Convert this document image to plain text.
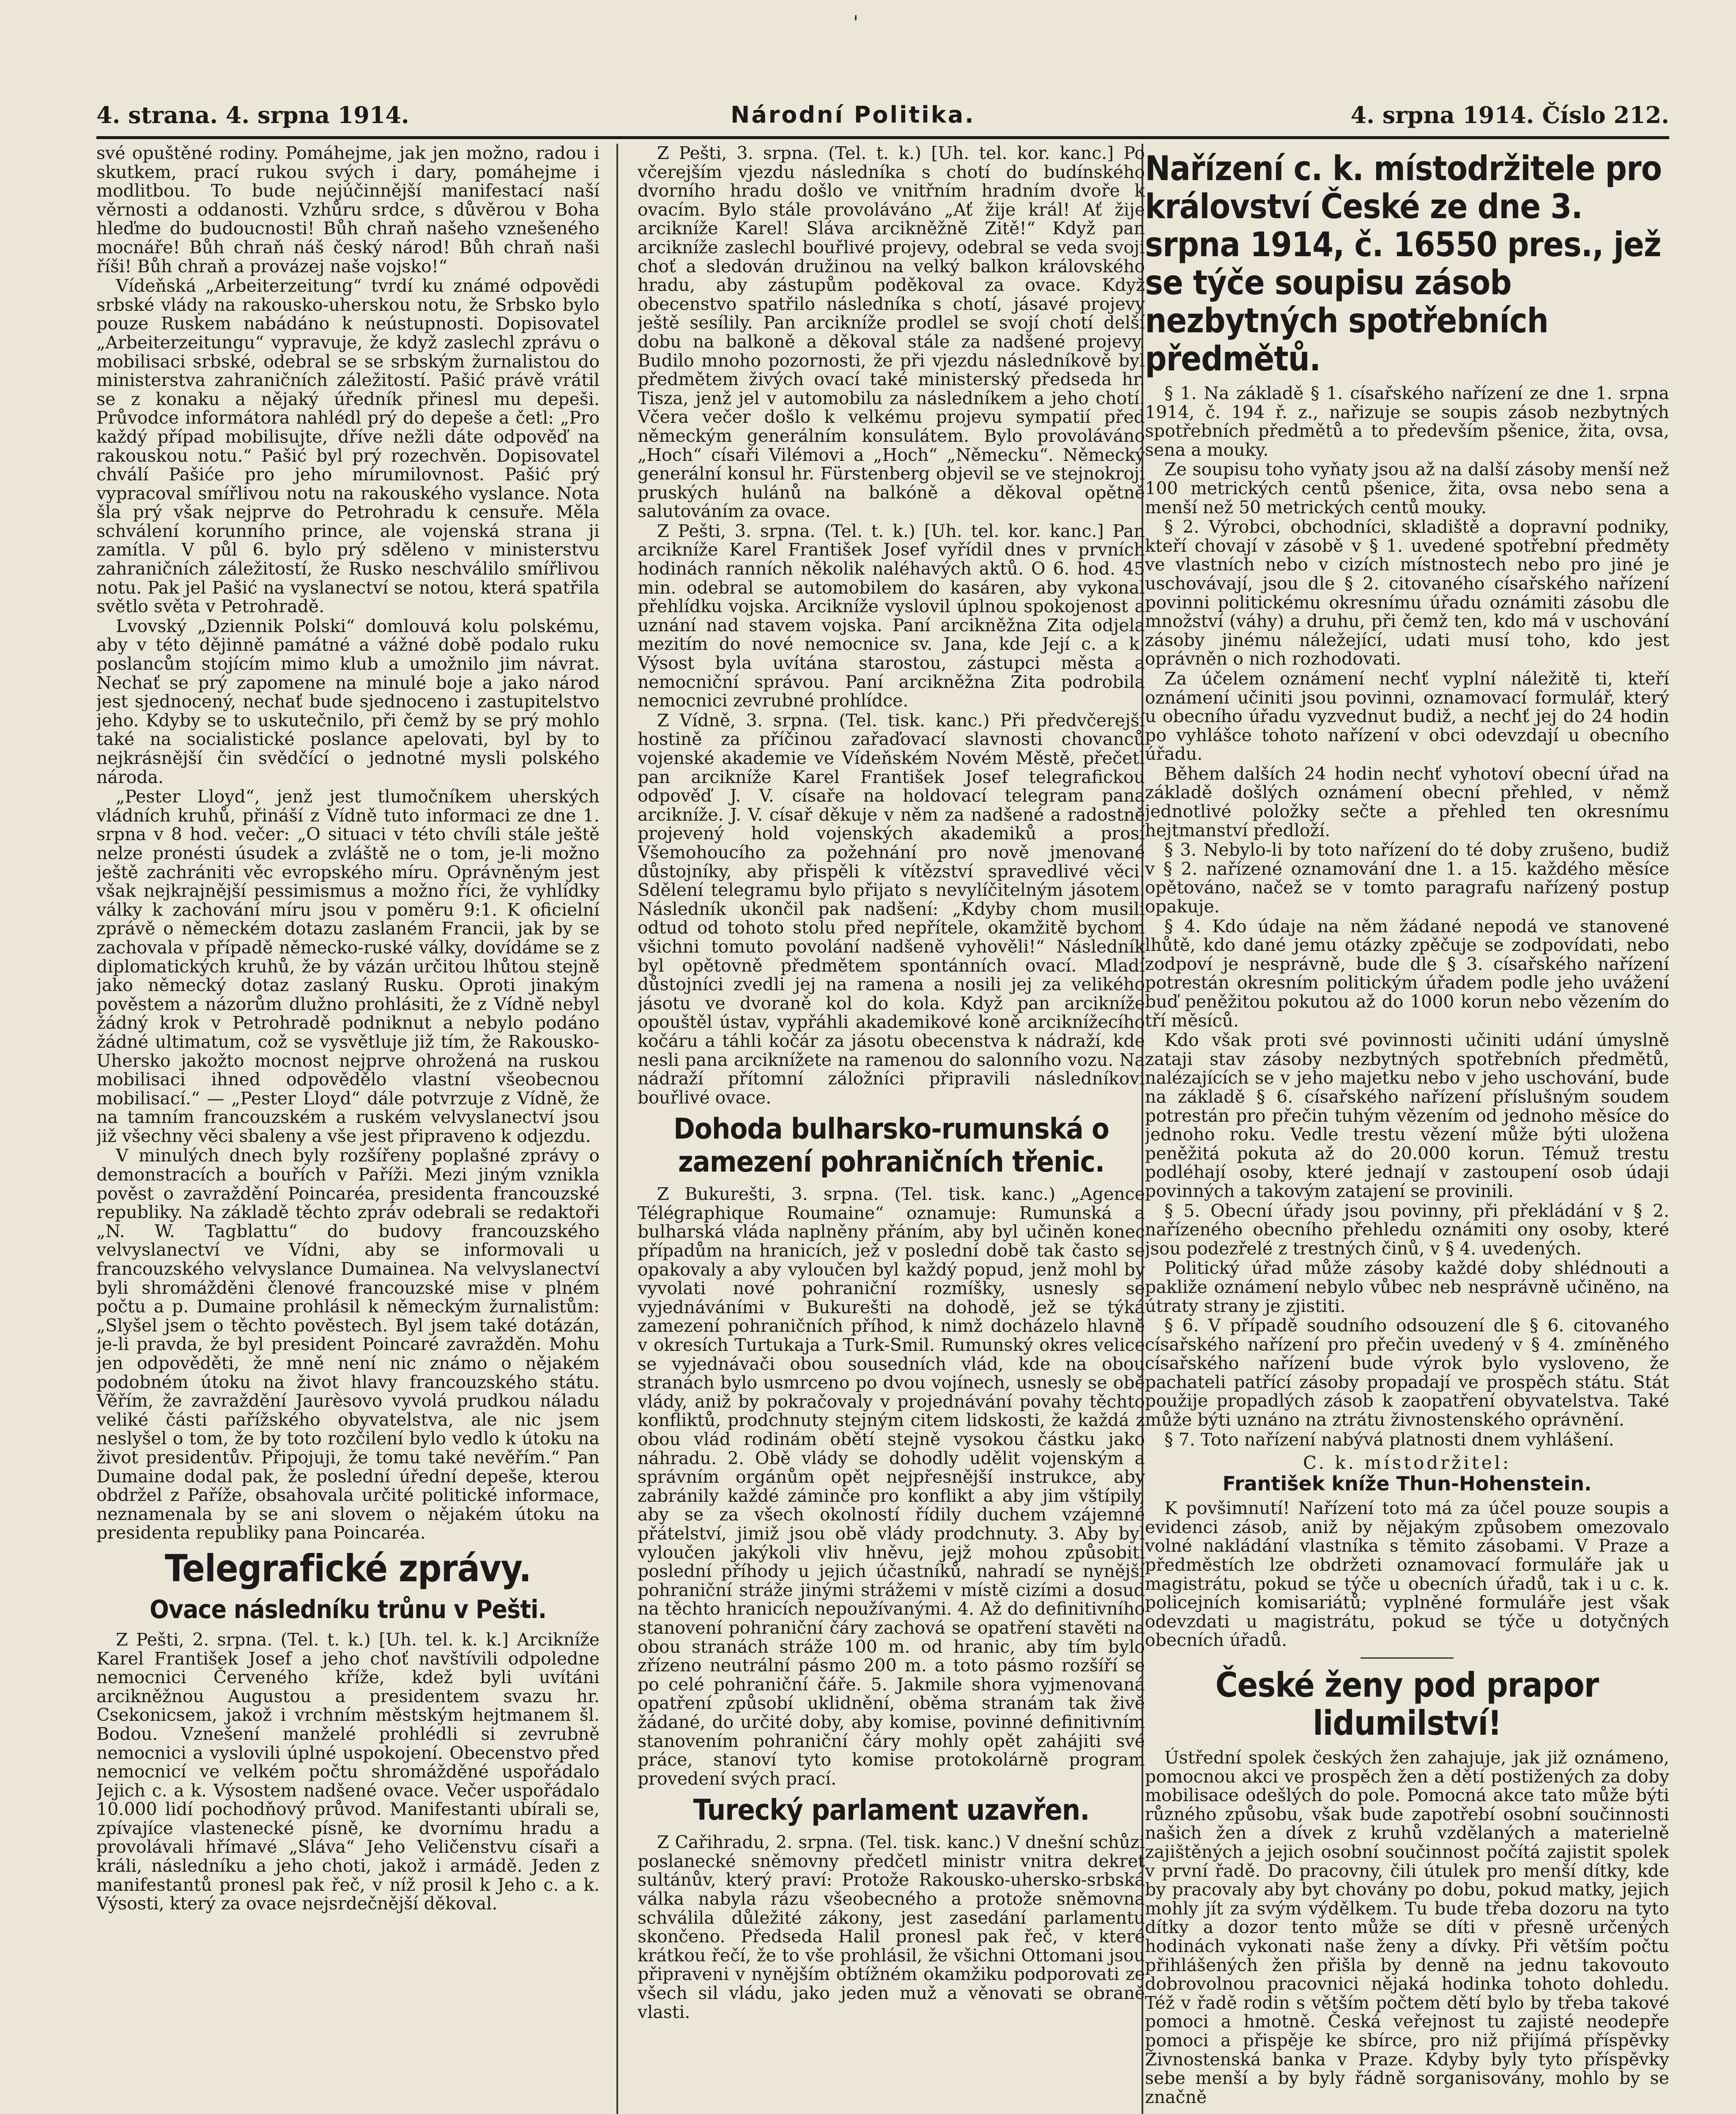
'
4. strana. 4. srpna 1914.	Národní Politika.	4. srpna 1914. Číslo 212.

své opuštěné rodiny. Pomáhejme, jak jen možno, radou i skutkem, prací rukou svých i dary, pomáhejme i modlitbou. To bude nejúčinnější manifestací naší věrnosti a oddanosti. Vzhůru srdce, s důvěrou v Boha hleďme do budoucnosti! Bůh chraň našeho vznešeného mocnáře! Bůh chraň náš český národ! Bůh chraň naši říši! Bůh chraň a provázej naše vojsko!“

Vídeňská „Arbeiterzeitung“ tvrdí ku známé odpovědi srbské vlády na rakousko-uherskou notu, že Srbsko bylo pouze Ruskem nabádáno k neústupnosti. Dopisovatel „Arbeiterzeitungu“ vypravuje, že když zaslechl zprávu o mobilisaci srbské, odebral se se srbským žurnalistou do ministerstva zahraničních záležitostí. Pašić právě vrátil se z konaku a nějaký úředník přinesl mu depeši. Průvodce informátora nahlédl prý do depeše a četl: „Pro každý případ mobilisujte, dříve nežli dáte odpověď na rakouskou notu.“ Pašić byl prý rozechvěn. Dopisovatel chválí Pašiće pro jeho mírumilovnost. Pašić prý vypracoval smířlivou notu na rakouského vyslance. Nota šla prý však nejprve do Petrohradu k censuře. Měla schválení korunního prince, ale vojenská strana ji zamítla. V půl 6. bylo prý sděleno v ministerstvu zahraničních záležitostí, že Rusko neschválilo smířlivou notu. Pak jel Pašić na vyslanectví se notou, která spatřila světlo světa v Petrohradě.

Lvovský „Dziennik Polski“ domlouvá kolu polskému, aby v této dějinně památné a vážné době podalo ruku poslancům stojícím mimo klub a umožnilo jim návrat. Nechať se prý zapomene na minulé boje a jako národ jest sjednocený, nechať bude sjednoceno i zastupitelstvo jeho. Kdyby se to uskutečnilo, při čemž by se prý mohlo také na socialistické poslance apelovati, byl by to nejkrásnější čin svědčící o jednotné mysli polského národa.

„Pester Lloyd“, jenž jest tlumočníkem uherských vládních kruhů, přináší z Vídně tuto informaci ze dne 1. srpna v 8 hod. večer: „O situaci v této chvíli stále ještě nelze pronésti úsudek a zvláště ne o tom, je-li možno ještě zachrániti věc evropského míru. Oprávněným jest však nejkrajnější pessimismus a možno říci, že vyhlídky války k zachování míru jsou v poměru 9:1. K oficielní zprávě o německém dotazu zaslaném Francii, jak by se zachovala v případě německo-ruské války, dovídáme se z diplomatických kruhů, že by vázán určitou lhůtou stejně jako německý dotaz zaslaný Rusku. Oproti jinakým pověstem a názorům dlužno prohlásiti, že z Vídně nebyl žádný krok v Petrohradě podniknut a nebylo podáno žádné ultimatum, což se vysvětluje již tím, že Rakousko-Uhersko jakožto mocnost nejprve ohrožená na ruskou mobilisaci ihned odpovědělo vlastní všeobecnou mobilisací.“ — „Pester Lloyd“ dále potvrzuje z Vídně, že na tamním francouzském a ruském velvyslanectví jsou již všechny věci sbaleny a vše jest připraveno k odjezdu.

V minulých dnech byly rozšířeny poplašné zprávy o demonstracích a bouřích v Paříži. Mezi jiným vznikla pověst o zavraždění Poincaréa, presidenta francouzské republiky. Na základě těchto zpráv odebrali se redaktoři „N. W. Tagblattu“ do budovy francouzského velvyslanectví ve Vídni, aby se informovali u francouzského velvyslance Dumainea. Na velvyslanectví byli shromážděni členové francouzské mise v plném počtu a p. Dumaine prohlásil k německým žurnalistům: „Slyšel jsem o těchto pověstech. Byl jsem také dotázán, je-li pravda, že byl president Poincaré zavražděn. Mohu jen odpověděti, že mně není nic známo o nějakém podobném útoku na život hlavy francouzského státu. Věřím, že zavraždění Jaurèsovo vyvolá prudkou náladu veliké části pařížského obyvatelstva, ale nic jsem neslyšel o tom, že by toto rozčilení bylo vedlo k útoku na život presidentův. Připojuji, že tomu také nevěřím.“ Pan Dumaine dodal pak, že poslední úřední depeše, kterou obdržel z Paříže, obsahovala určité politické informace, neznamenala by se ani slovem o nějakém útoku na presidenta republiky pana Poincaréa.

Telegrafické zprávy.
Ovace následníku trůnu v Pešti.

Z Pešti, 2. srpna. (Tel. t. k.) [Uh. tel. k. k.] Arcikníže Karel František Josef a jeho choť navštívili odpoledne nemocnici Červeného kříže, kdež byli uvítáni arcikněžnou Augustou a presidentem svazu hr. Csekonicsem, jakož i vrchním městským hejtmanem šl. Bodou. Vznešení manželé prohlédli si zevrubně nemocnici a vyslovili úplné uspokojení. Obecenstvo před nemocnicí ve velkém počtu shromážděné uspořádalo Jejich c. a k. Výsostem nadšené ovace. Večer uspořádalo 10.000 lidí pochodňový průvod. Manifestanti ubírali se, zpívajíce vlastenecké písně, ke dvornímu hradu a provolávali hřímavé „Sláva“ Jeho Veličenstvu císaři a králi, následníku a jeho choti, jakož i armádě. Jeden z manifestantů pronesl pak řeč, v níž prosil k Jeho c. a k. Výsosti, který za ovace nejsrdečnější děkoval.

Z Pešti, 3. srpna. (Tel. t. k.) [Uh. tel. kor. kanc.] Po včerejším vjezdu následníka s chotí do budínského dvorního hradu došlo ve vnitřním hradním dvoře k ovacím. Bylo stále provoláváno „Ať žije král! Ať žije arcikníže Karel! Sláva arcikněžně Zitě!“ Když pan arcikníže zaslechl bouřlivé projevy, odebral se veda svoji choť a sledován družinou na velký balkon královského hradu, aby zástupům poděkoval za ovace. Když obecenstvo spatřilo následníka s chotí, jásavé projevy ještě sesílily. Pan arcikníže prodlel se svojí chotí delší dobu na balkoně a děkoval stále za nadšené projevy. Budilo mnoho pozornosti, že při vjezdu následníkově byl předmětem živých ovací také ministerský předseda hr. Tisza, jenž jel v automobilu za následníkem a jeho chotí. Včera večer došlo k velkému projevu sympatií před německým generálním konsulátem. Bylo provoláváno „Hoch“ císaři Vilémovi a „Hoch“ „Německu“. Německý generální konsul hr. Fürstenberg objevil se ve stejnokroji pruských hulánů na balkóně a děkoval opětně salutováním za ovace.

Z Pešti, 3. srpna. (Tel. t. k.) [Uh. tel. kor. kanc.] Pan arcikníže Karel František Josef vyřídil dnes v prvních hodinách ranních několik naléhavých aktů. O 6. hod. 45 min. odebral se automobilem do kasáren, aby vykonal přehlídku vojska. Arcikníže vyslovil úplnou spokojenost a uznání nad stavem vojska. Paní arcikněžna Zita odjela mezitím do nové nemocnice sv. Jana, kde Její c. a k. Výsost byla uvítána starostou, zástupci města a nemocniční správou. Paní arcikněžna Zita podrobila nemocnici zevrubné prohlídce.

Z Vídně, 3. srpna. (Tel. tisk. kanc.) Při předvčerejší hostině za příčinou zařaďovací slavnosti chovanců vojenské akademie ve Vídeňském Novém Městě, přečetl pan arcikníže Karel František Josef telegrafickou odpověď J. V. císaře na holdovací telegram pana arcikníže. J. V. císař děkuje v něm za nadšené a radostně projevený hold vojenských akademiků a prosí Všemohoucího za požehnání pro nově jmenované důstojníky, aby přispěli k vítězství spravedlivé věci. Sdělení telegramu bylo přijato s nevylíčitelným jásotem. Následník ukončil pak nadšení: „Kdyby chom musili odtud od tohoto stolu před nepřítele, okamžitě bychom všichni tomuto povolání nadšeně vyhověli!“ Následník byl opětovně předmětem spontánních ovací. Mladí důstojníci zvedli jej na ramena a nosili jej za velikého jásotu ve dvoraně kol do kola. Když pan arcikníže opouštěl ústav, vypřáhli akademikové koně arciknížecího kočáru a táhli kočár za jásotu obecenstva k nádraží, kde nesli pana arciknížete na ramenou do salonního vozu. Na nádraží přítomní záložníci připravili následníkovi bouřlivé ovace.

Dohoda bulharsko-rumunská o zamezení pohraničních třenic.

Z Bukurešti, 3. srpna. (Tel. tisk. kanc.) „Agence Télégraphique Roumaine“ oznamuje: Rumunská a bulharská vláda naplněny přáním, aby byl učiněn konec případům na hranicích, jež v poslední době tak často se opakovaly a aby vyloučen byl každý popud, jenž mohl by vyvolati nové pohraniční rozmíšky, usnesly se vyjednáváními v Bukurešti na dohodě, jež se týká zamezení pohraničních příhod, k nimž docházelo hlavně v okresích Turtukaja a Turk-Smil. Rumunský okres velice se vyjednávači obou sousedních vlád, kde na obou stranách bylo usmrceno po dvou vojínech, usnesly se obě vlády, aniž by pokračovaly v projednávání povahy těchto konfliktů, prodchnuty stejným citem lidskosti, že každá z obou vlád rodinám obětí stejně vysokou částku jako náhradu. 2. Obě vlády se dohodly udělit vojenským a správním orgánům opět nejpřesnější instrukce, aby zabránily každé záminče pro konflikt a aby jim vštípily, aby se za všech okolností řídily duchem vzájemné přátelství, jimiž jsou obě vlády prodchnuty. 3. Aby byl vyloučen jakýkoli vliv hněvu, jejž mohou způsobiti poslední příhody u jejich účastníků, nahradí se nynější pohraniční stráže jinými strážemi v místě cizími a dosud na těchto hranicích nepoužívanými. 4. Až do definitivního stanovení pohraniční čáry zachová se opatření stavěti na obou stranách stráže 100 m. od hranic, aby tím bylo zřízeno neutrální pásmo 200 m. a toto pásmo rozšíří se po celé pohraniční čáře. 5. Jakmile shora vyjmenovaná opatření způsobí uklidnění, oběma stranám tak živě žádané, do určité doby, aby komise, povinné definitivním stanovením pohraniční čáry mohly opět zahájiti své práce, stanoví tyto komise protokolárně program provedení svých prací.

Turecký parlament uzavřen.

Z Cařihradu, 2. srpna. (Tel. tisk. kanc.) V dnešní schůzi poslanecké sněmovny předčetl ministr vnitra dekret sultánův, který praví: Protože Rakousko-uhersko-srbská válka nabyla rázu všeobecného a protože sněmovna schválila důležité zákony, jest zasedání parlamentu skončeno. Předseda Halil pronesl pak řeč, v které krátkou řečí, že to vše prohlásil, že všichni Ottomani jsou připraveni v nynějším obtížném okamžiku podporovati ze všech sil vládu, jako jeden muž a věnovati se obraně vlasti.

Nařízení c. k. místodržitele pro království České ze dne 3. srpna 1914, č. 16550 pres., jež se týče soupisu zásob nezbytných spotřebních předmětů.

§ 1. Na základě § 1. císařského nařízení ze dne 1. srpna 1914, č. 194 ř. z., nařizuje se soupis zásob nezbytných spotřebních předmětů a to především pšenice, žita, ovsa, sena a mouky.

Ze soupisu toho vyňaty jsou až na další zásoby menší než 100 metrických centů pšenice, žita, ovsa nebo sena a menší než 50 metrických centů mouky.

§ 2. Výrobci, obchodníci, skladiště a dopravní podniky, kteří chovají v zásobě v § 1. uvedené spotřební předměty ve vlastních nebo v cizích místnostech nebo pro jiné je uschovávají, jsou dle § 2. citovaného císařského nařízení povinni politickému okresnímu úřadu oznámiti zásobu dle množství (váhy) a druhu, při čemž ten, kdo má v uschování zásoby jinému náležející, udati musí toho, kdo jest oprávněn o nich rozhodovati.

Za účelem oznámení nechť vyplní náležitě ti, kteří oznámení učiniti jsou povinni, oznamovací formulář, který u obecního úřadu vyzvednut budiž, a nechť jej do 24 hodin po vyhlášce tohoto nařízení v obci odevzdají u obecního úřadu.

Během dalších 24 hodin nechť vyhotoví obecní úřad na základě došlých oznámení obecní přehled, v němž jednotlivé položky sečte a přehled ten okresnímu hejtmanství předloží.

§ 3. Nebylo-li by toto nařízení do té doby zrušeno, budiž v § 2. nařízené oznamování dne 1. a 15. každého měsíce opětováno, načež se v tomto paragrafu nařízený postup opakuje.

§ 4. Kdo údaje na něm žádané nepodá ve stanovené lhůtě, kdo dané jemu otázky zpěčuje se zodpovídati, nebo zodpoví je nesprávně, bude dle § 3. císařského nařízení potrestán okresním politickým úřadem podle jeho uvážení buď peněžitou pokutou až do 1000 korun nebo vězením do tří měsíců.

Kdo však proti své povinnosti učiniti udání úmyslně zataji stav zásoby nezbytných spotřebních předmětů, nalézajících se v jeho majetku nebo v jeho uschování, bude na základě § 6. císařského nařízení příslušným soudem potrestán pro přečin tuhým vězením od jednoho měsíce do jednoho roku. Vedle trestu vězení může býti uložena peněžitá pokuta až do 20.000 korun. Témuž trestu podléhají osoby, které jednají v zastoupení osob údaji povinných a takovým zatajení se provinili.

§ 5. Obecní úřady jsou povinny, při překládání v § 2. nařízeného obecního přehledu oznámiti ony osoby, které jsou podezřelé z trestných činů, v § 4. uvedených.

Politický úřad může zásoby každé doby shlédnouti a pakliže oznámení nebylo vůbec neb nesprávně učiněno, na útraty strany je zjistiti.

§ 6. V případě soudního odsouzení dle § 6. citovaného císařského nařízení pro přečin uvedený v § 4. zmíněného císařského nařízení bude výrok bylo vysloveno, že pachateli patřící zásoby propadají ve prospěch státu. Stát použije propadlých zásob k zaopatření obyvatelstva. Také může býti uznáno na ztrátu živnostenského oprávnění.

§ 7. Toto nařízení nabývá platnosti dnem vyhlášení.

C. k. místodržitel:
František kníže Thun-Hohenstein.

K povšimnutí! Nařízení toto má za účel pouze soupis a evidenci zásob, aniž by nějakým způsobem omezovalo volné nakládání vlastníka s těmito zásobami. V Praze a předměstích lze obdržeti oznamovací formuláře jak u magistrátu, pokud se týče u obecních úřadů, tak i u c. k. policejních komisariátů; vyplněné formuláře jest však odevzdati u magistrátu, pokud se týče u dotyčných obecních úřadů.

České ženy pod prapor lidumilství!

Ústřední spolek českých žen zahajuje, jak již oznámeno, pomocnou akci ve prospěch žen a dětí postižených za doby mobilisace odešlých do pole. Pomocná akce tato může býti různého způsobu, však bude zapotřebí osobní součinnosti našich žen a dívek z kruhů vzdělaných a materielně zajištěných a jejich osobní součinnost počítá zajistit spolek v první řadě. Do pracovny, čili útulek pro menší dítky, kde by pracovaly aby byt chovány po dobu, pokud matky, jejich mohly jít za svým výdělkem. Tu bude třeba dozoru na tyto dítky a dozor tento může se díti v přesně určených hodinách vykonati naše ženy a dívky. Při větším počtu přihlášených žen přišla by denně na jednu takovouto dobrovolnou pracovnici nějaká hodinka tohoto dohledu. Též v řadě rodin s větším počtem dětí bylo by třeba takové pomoci a hmotně. Česká veřejnost tu zajisté neodepře pomoci a přispěje ke sbírce, pro niž přijímá příspěvky Živnostenská banka v Praze. Kdyby byly tyto příspěvky sebe menší a by byly řádně sorganisovány, mohlo by se značně
